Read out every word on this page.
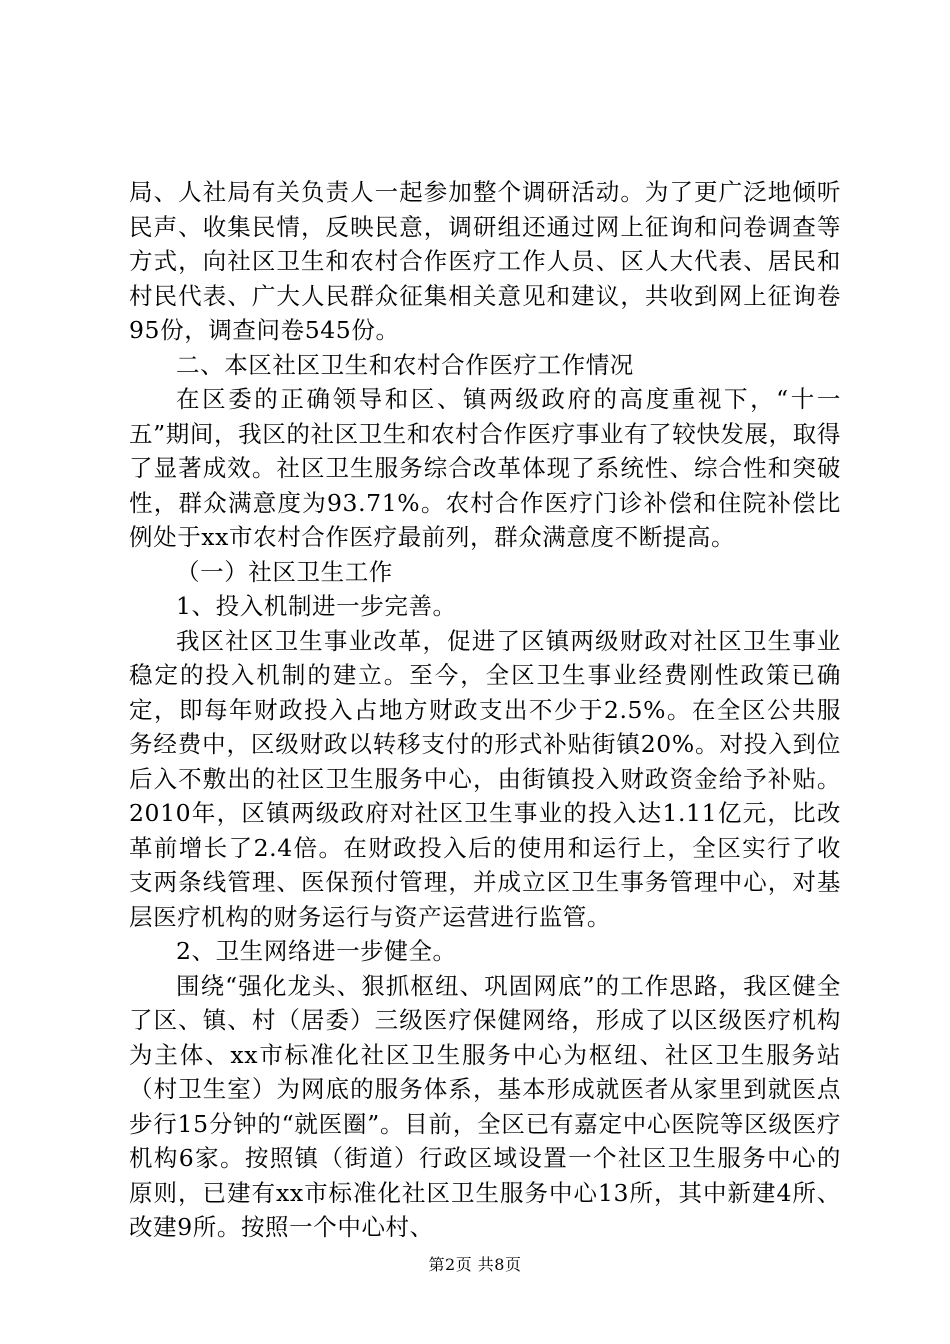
局、人社局有关负责人一起参加整个调研活动。为了更广泛地倾听民声、收集民情，反映民意，调研组还通过网上征询和问卷调查等方式，向社区卫生和农村合作医疗工作人员、区人大代表、居民和村民代表、广大人民群众征集相关意见和建议，共收到网上征询卷95份，调查问卷545份。

二、本区社区卫生和农村合作医疗工作情况

在区委的正确领导和区、镇两级政府的高度重视下，“十一五”期间，我区的社区卫生和农村合作医疗事业有了较快发展，取得了显著成效。社区卫生服务综合改革体现了系统性、综合性和突破性，群众满意度为93.71%。农村合作医疗门诊补偿和住院补偿比例处于xx市农村合作医疗最前列，群众满意度不断提高。

（一）社区卫生工作

1、投入机制进一步完善。

我区社区卫生事业改革，促进了区镇两级财政对社区卫生事业稳定的投入机制的建立。至今，全区卫生事业经费刚性政策已确定，即每年财政投入占地方财政支出不少于2.5%。在全区公共服务经费中，区级财政以转移支付的形式补贴街镇20%。对投入到位后入不敷出的社区卫生服务中心，由街镇投入财政资金给予补贴。2010年，区镇两级政府对社区卫生事业的投入达1.11亿元，比改革前增长了2.4倍。在财政投入后的使用和运行上，全区实行了收支两条线管理、医保预付管理，并成立区卫生事务管理中心，对基层医疗机构的财务运行与资产运营进行监管。

2、卫生网络进一步健全。

围绕“强化龙头、狠抓枢纽、巩固网底”的工作思路，我区健全了区、镇、村（居委）三级医疗保健网络，形成了以区级医疗机构为主体、xx市标准化社区卫生服务中心为枢纽、社区卫生服务站（村卫生室）为网底的服务体系，基本形成就医者从家里到就医点步行15分钟的“就医圈”。目前，全区已有嘉定中心医院等区级医疗机构6家。按照镇（街道）行政区域设置一个社区卫生服务中心的原则，已建有xx市标准化社区卫生服务中心13所，其中新建4所、改建9所。按照一个中心村、

第2页 共8页
